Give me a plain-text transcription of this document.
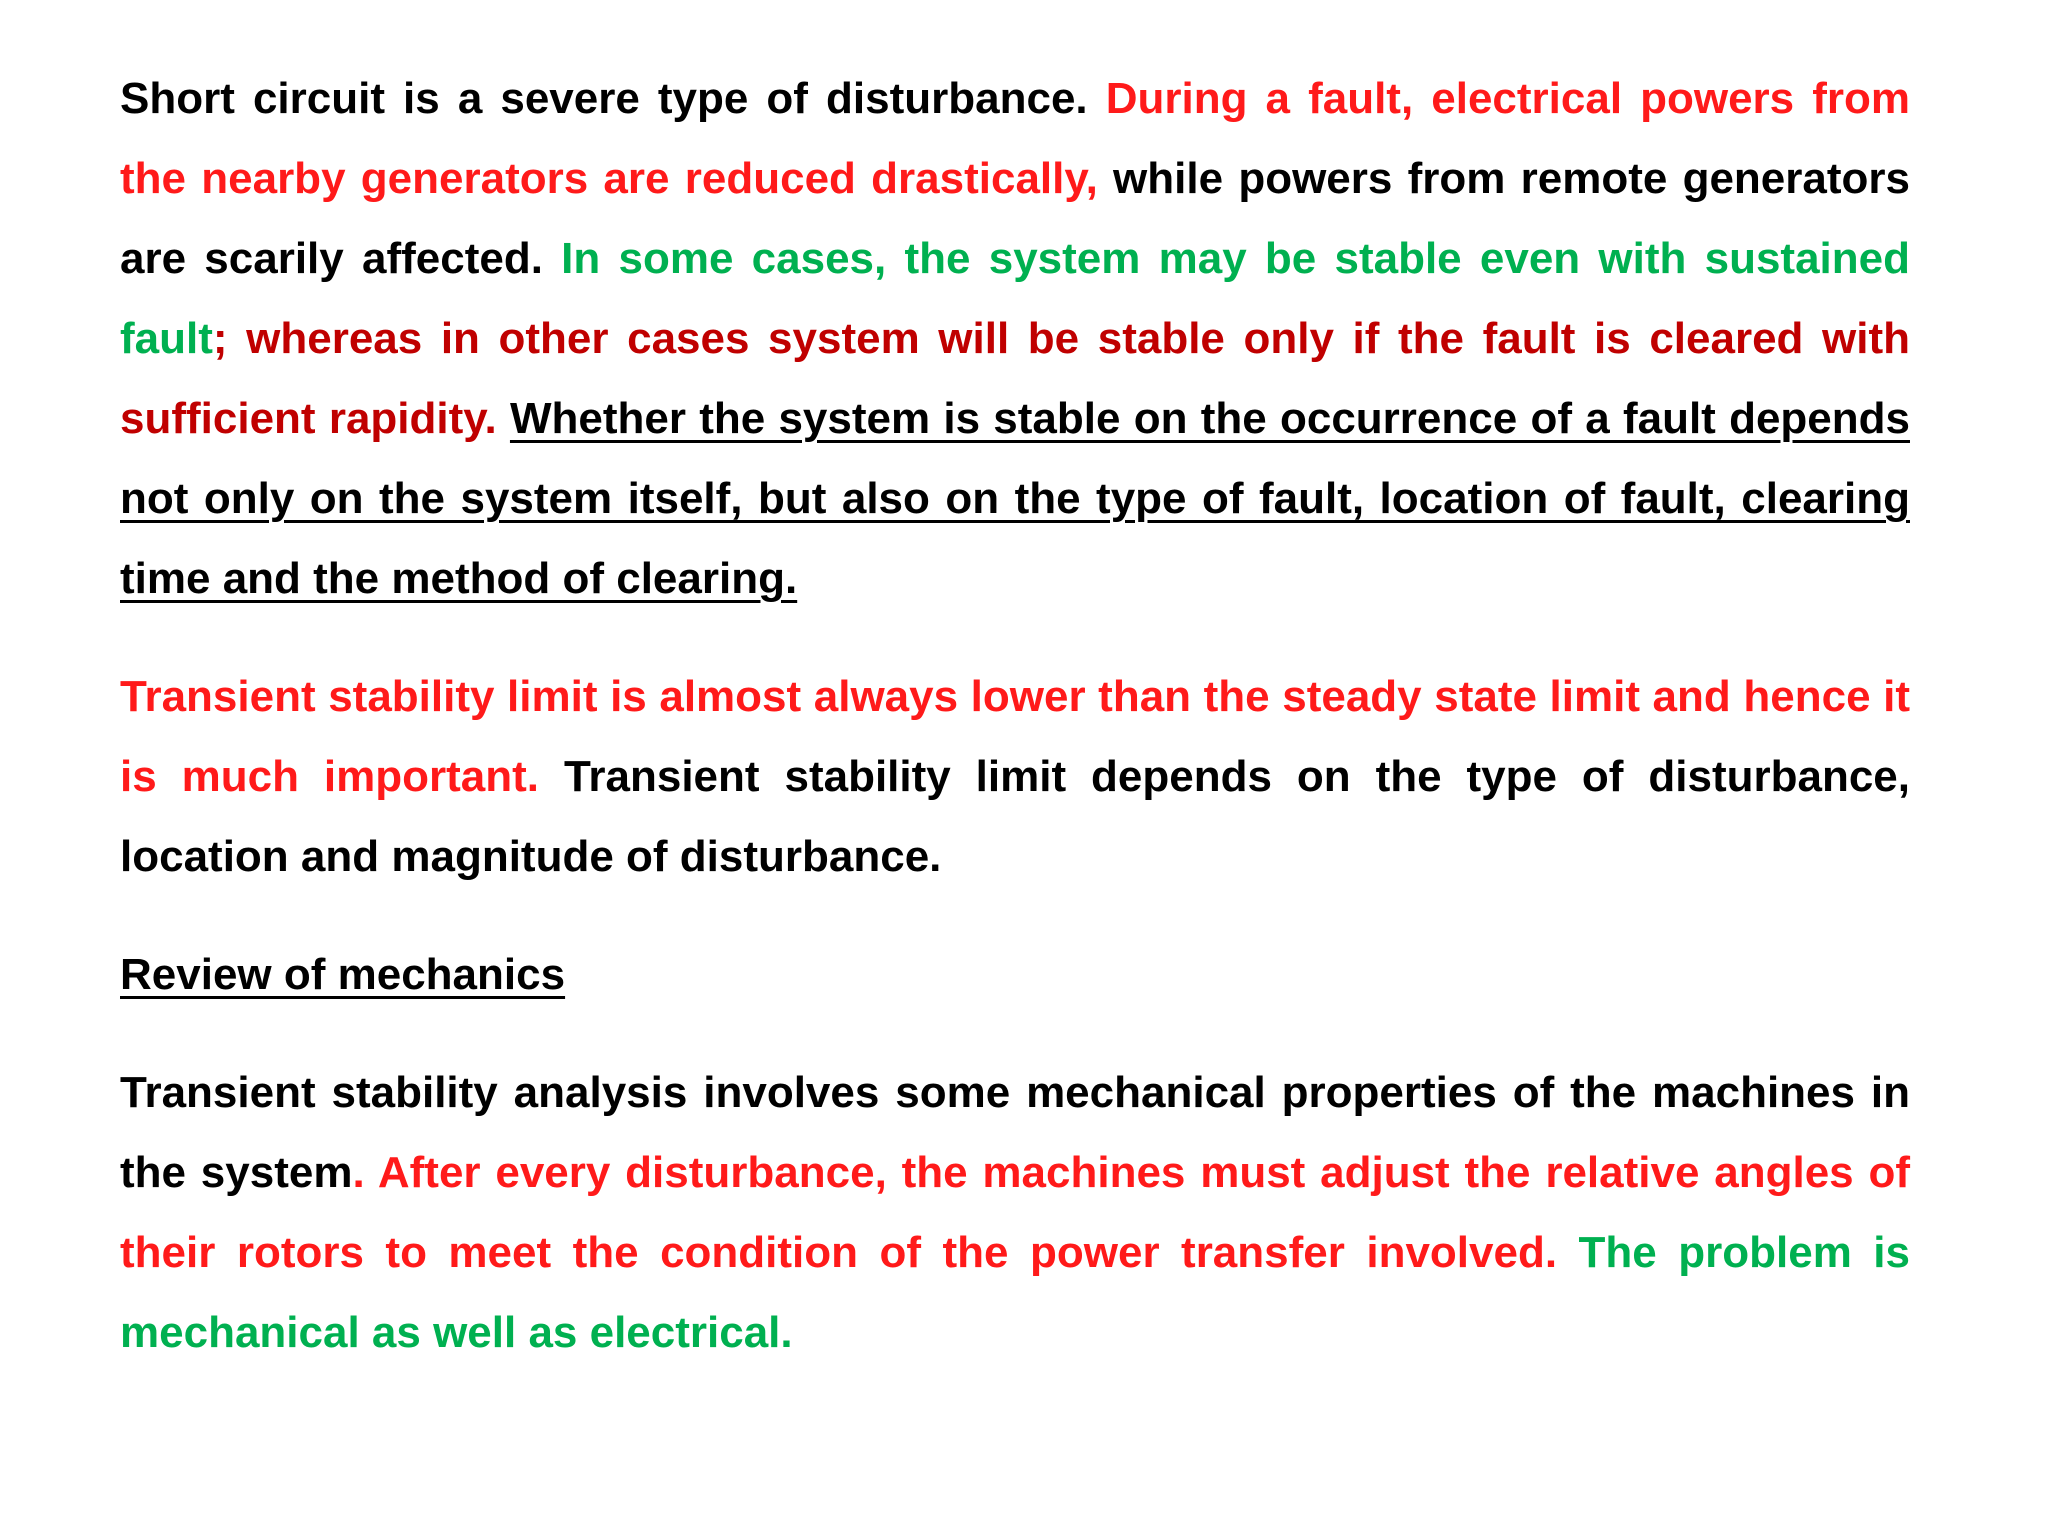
Short circuit is a severe type of disturbance. During a fault, electrical powers from the nearby generators are reduced drastically, while powers from remote generators are scarily affected. In some cases, the system may be stable even with sustained fault; whereas in other cases system will be stable only if the fault is cleared with sufficient rapidity. Whether the system is stable on the occurrence of a fault depends not only on the system itself, but also on the type of fault, location of fault, clearing time and the method of clearing.

Transient stability limit is almost always lower than the steady state limit and hence it is much important. Transient stability limit depends on the type of disturbance, location and magnitude of disturbance.

Review of mechanics

Transient stability analysis involves some mechanical properties of the machines in the system. After every disturbance, the machines must adjust the relative angles of their rotors to meet the condition of the power transfer involved. The problem is mechanical as well as electrical.
